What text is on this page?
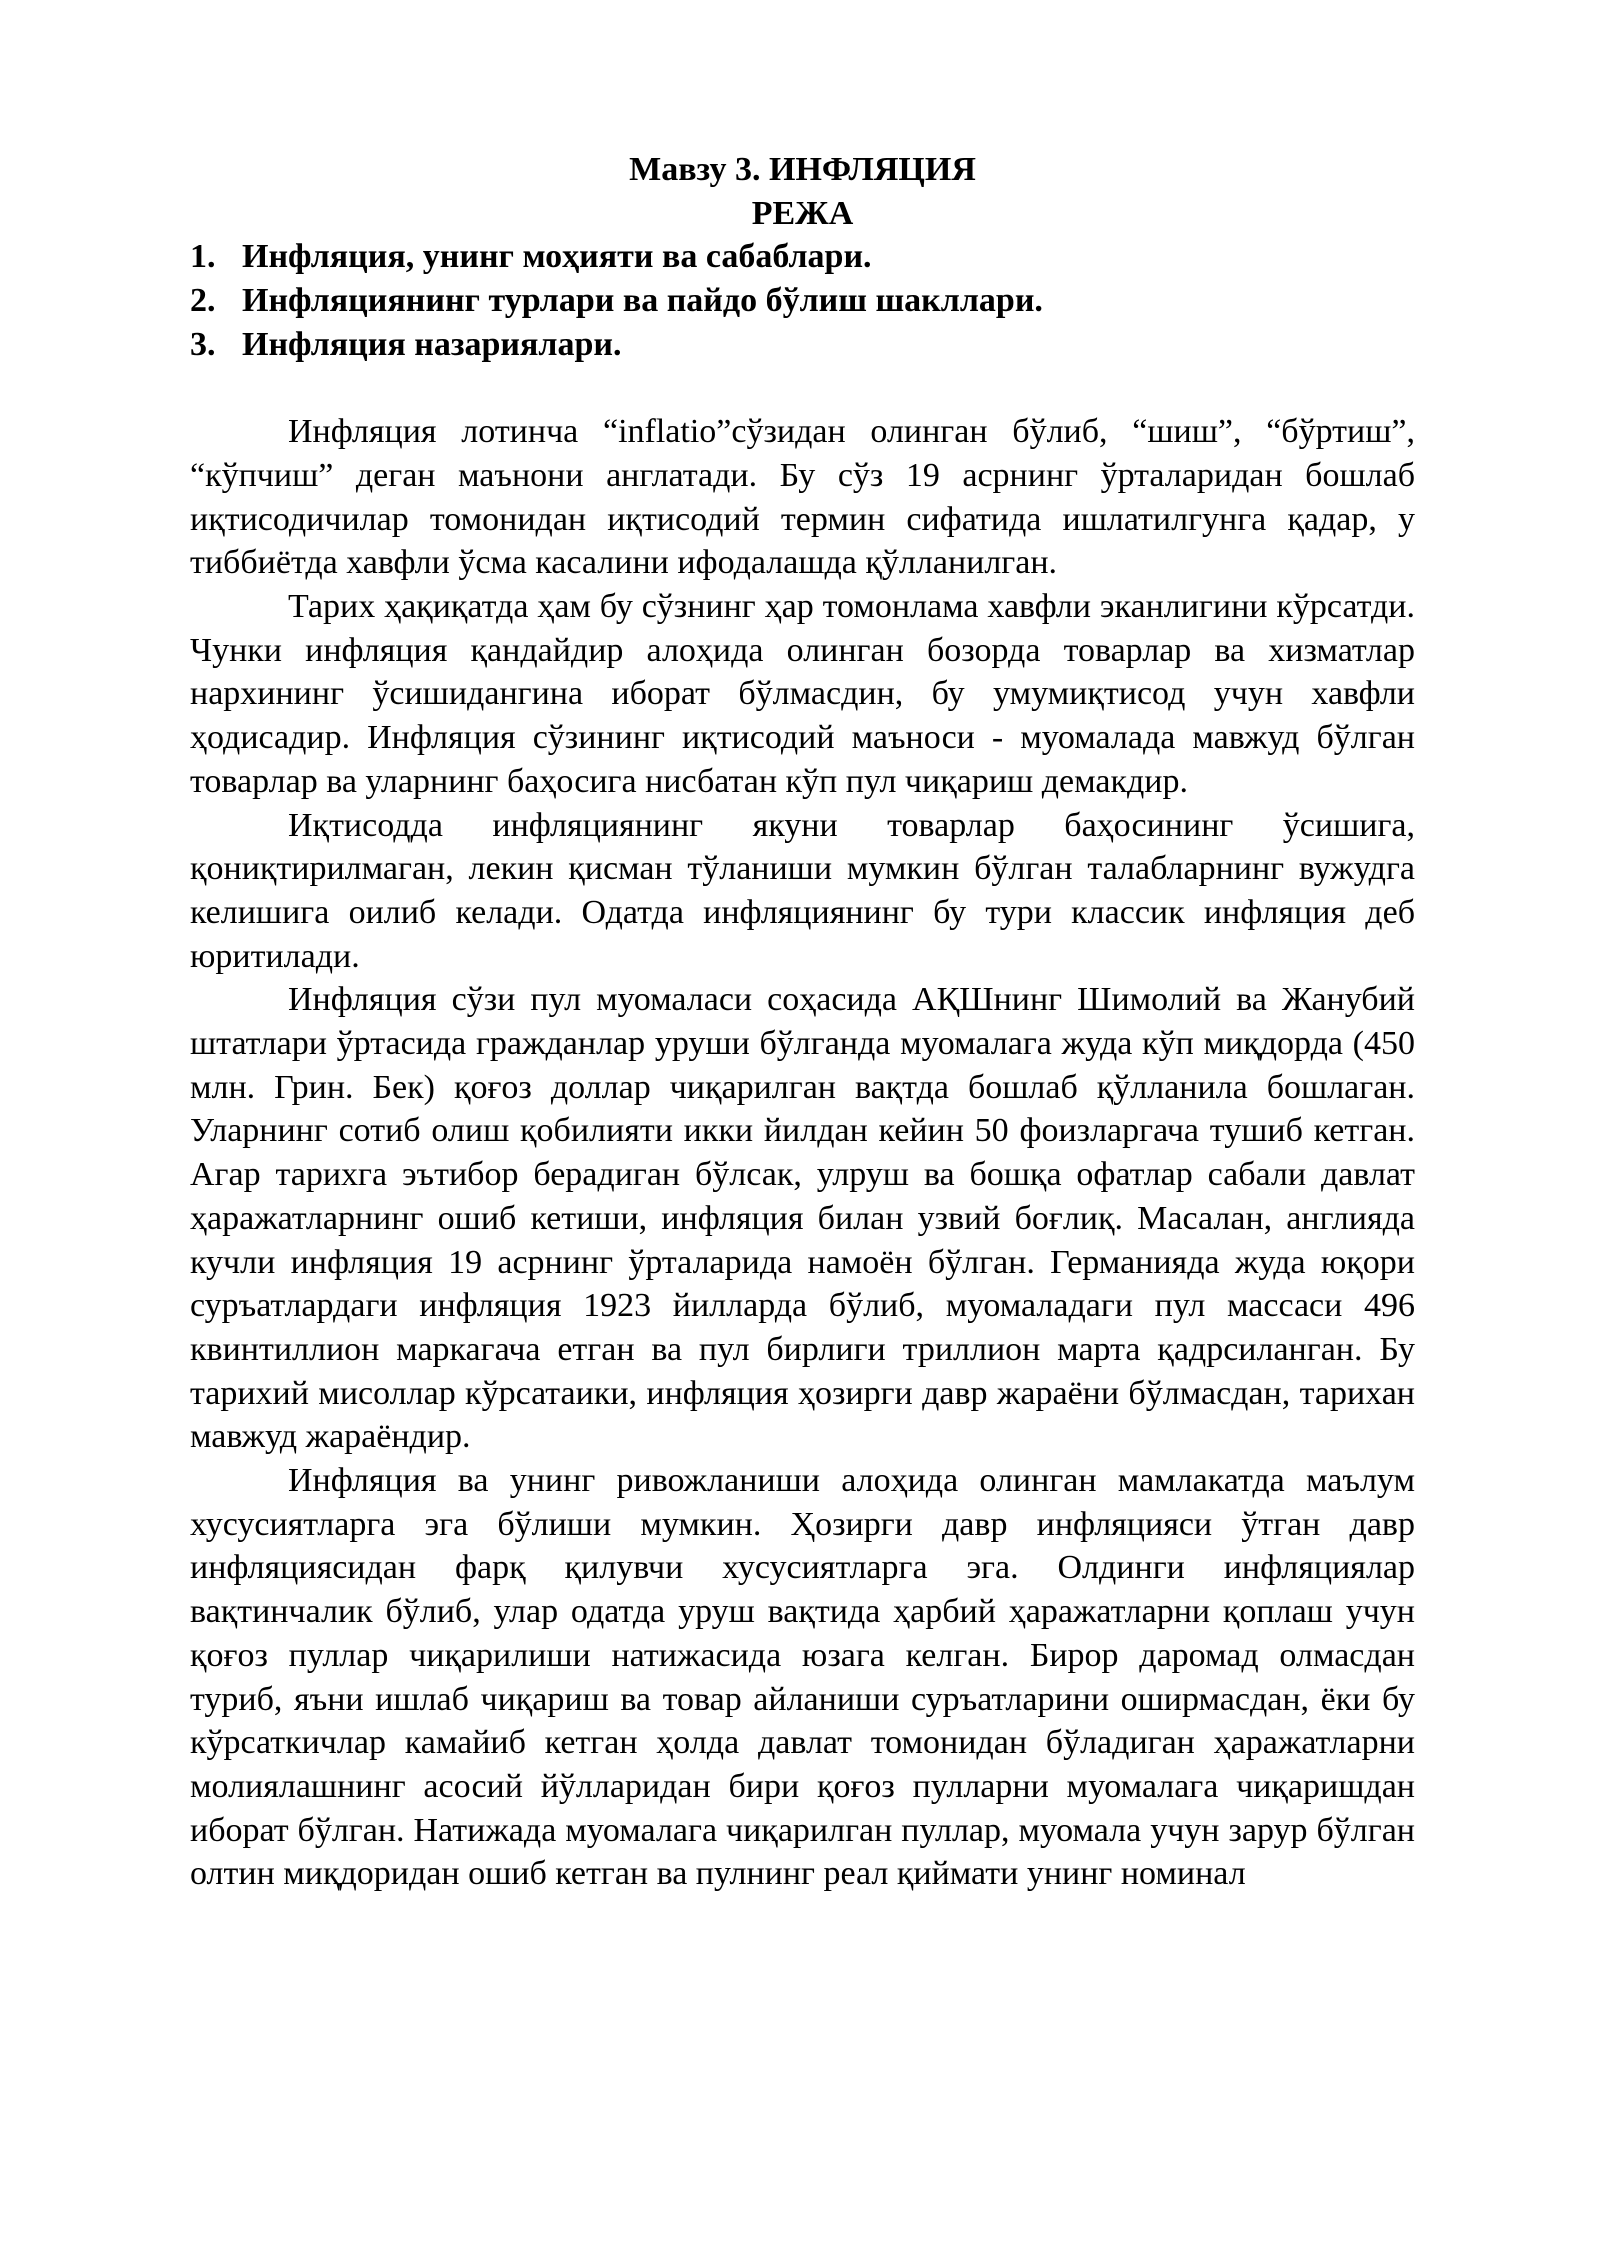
Мавзу 3. ИНФЛЯЦИЯ

РЕЖА

1. Инфляция, унинг моҳияти ва сабаблари.
2. Инфляциянинг турлари ва пайдо бўлиш шакллари.
3. Инфляция назариялари.

Инфляция лотинча “inflatio”сўзидан олинган бўлиб, “шиш”, “бўртиш”, “кўпчиш” деган маънони англатади. Бу сўз 19 асрнинг ўрталаридан бошлаб иқтисодичилар томонидан иқтисодий термин сифатида ишлатилгунга қадар, у тиббиётда хавфли ўсма касалини ифодалашда қўлланилган.

Тарих ҳақиқатда ҳам бу сўзнинг ҳар томонлама хавфли эканлигини кўрсатди. Чунки инфляция қандайдир алоҳида олинган бозорда товарлар ва хизматлар нархининг ўсишидангина иборат бўлмасдин, бу умумиқтисод учун хавфли ҳодисадир. Инфляция сўзининг иқтисодий маъноси - муомалада мавжуд бўлган товарлар ва уларнинг баҳосига нисбатан кўп пул чиқариш демакдир.

Иқтисодда инфляциянинг якуни товарлар баҳосининг ўсишига, қониқтирилмаган, лекин қисман тўланиши мумкин бўлган талабларнинг вужудга келишига оилиб келади. Одатда инфляциянинг бу тури классик инфляция деб юритилади.

Инфляция сўзи пул муомаласи соҳасида АҚШнинг Шимолий ва Жанубий штатлари ўртасида гражданлар уруши бўлганда муомалага жуда кўп миқдорда (450 млн. Грин. Бек) қоғоз доллар чиқарилган вақтда бошлаб қўлланила бошлаган. Уларнинг сотиб олиш қобилияти икки йилдан кейин 50 фоизларгача тушиб кетган. Агар тарихга эътибор берадиган бўлсак, улруш ва бошқа офатлар сабали давлат ҳаражатларнинг ошиб кетиши, инфляция билан узвий боғлиқ. Масалан, англияда кучли инфляция 19 асрнинг ўрталарида намоён бўлган. Германияда жуда юқори суръатлардаги инфляция 1923 йилларда бўлиб, муомаладаги пул массаси 496 квинтиллион маркагача етган ва пул бирлиги триллион марта қадрсиланган. Бу тарихий мисоллар кўрсатаики, инфляция ҳозирги давр жараёни бўлмасдан, тарихан мавжуд жараёндир.

Инфляция ва унинг ривожланиши алоҳида олинган мамлакатда маълум хусусиятларга эга бўлиши мумкин. Ҳозирги давр инфляцияси ўтган давр инфляциясидан фарқ қилувчи хусусиятларга эга. Олдинги инфляциялар вақтинчалик бўлиб, улар одатда уруш вақтида ҳарбий ҳаражатларни қоплаш учун қоғоз пуллар чиқарилиши натижасида юзага келган. Бирор даромад олмасдан туриб, яъни ишлаб чиқариш ва товар айланиши суръатларини оширмасдан, ёки бу кўрсаткичлар камайиб кетган ҳолда давлат томонидан бўладиган ҳаражатларни молиялашнинг асосий йўлларидан бири қоғоз пулларни муомалага чиқаришдан иборат бўлган. Натижада муомалага чиқарилган пуллар, муомала учун зарур бўлган олтин миқдоридан ошиб кетган ва пулнинг реал қиймати унинг номинал
